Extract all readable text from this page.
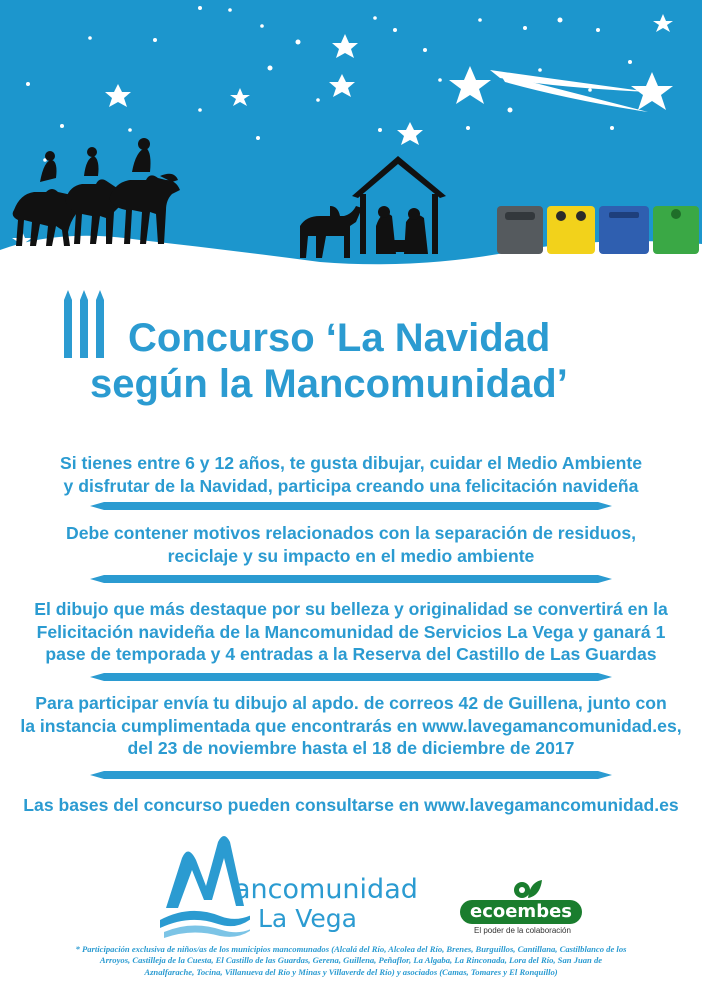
Concurso ‘La Navidad
según la Mancomunidad’
Si tienes entre 6 y 12 años, te gusta dibujar, cuidar el Medio Ambiente
y disfrutar de la Navidad, participa creando una felicitación navideña
Debe contener motivos relacionados con la separación de residuos,
reciclaje y su impacto en el medio ambiente
El dibujo que más destaque por su belleza y originalidad se convertirá en la
Felicitación navideña de la Mancomunidad de Servicios La Vega y ganará 1
pase de temporada y 4 entradas a la Reserva del Castillo de Las Guardas
Para participar envía tu dibujo al apdo. de correos 42 de Guillena, junto con
la instancia cumplimentada que encontrarás en www.lavegamancomunidad.es,
del 23 de noviembre hasta el 18 de diciembre de 2017
Las bases del concurso pueden consultarse en www.lavegamancomunidad.es
ancomunidad
La Vega	ecoembes
El poder de la colaboración
* Participación exclusiva de niños/as de los municipios mancomunados (Alcalá del Río, Alcolea del Río, Brenes, Burguillos, Cantillana, Castilblanco de los
Arroyos, Castilleja de la Cuesta, El Castillo de las Guardas, Gerena, Guillena, Peñaflor, La Algaba, La Rinconada, Lora del Río, San Juan de
Aznalfarache, Tocina, Villanueva del Río y Minas y Villaverde del Río) y asociados (Camas, Tomares y El Ronquillo)
